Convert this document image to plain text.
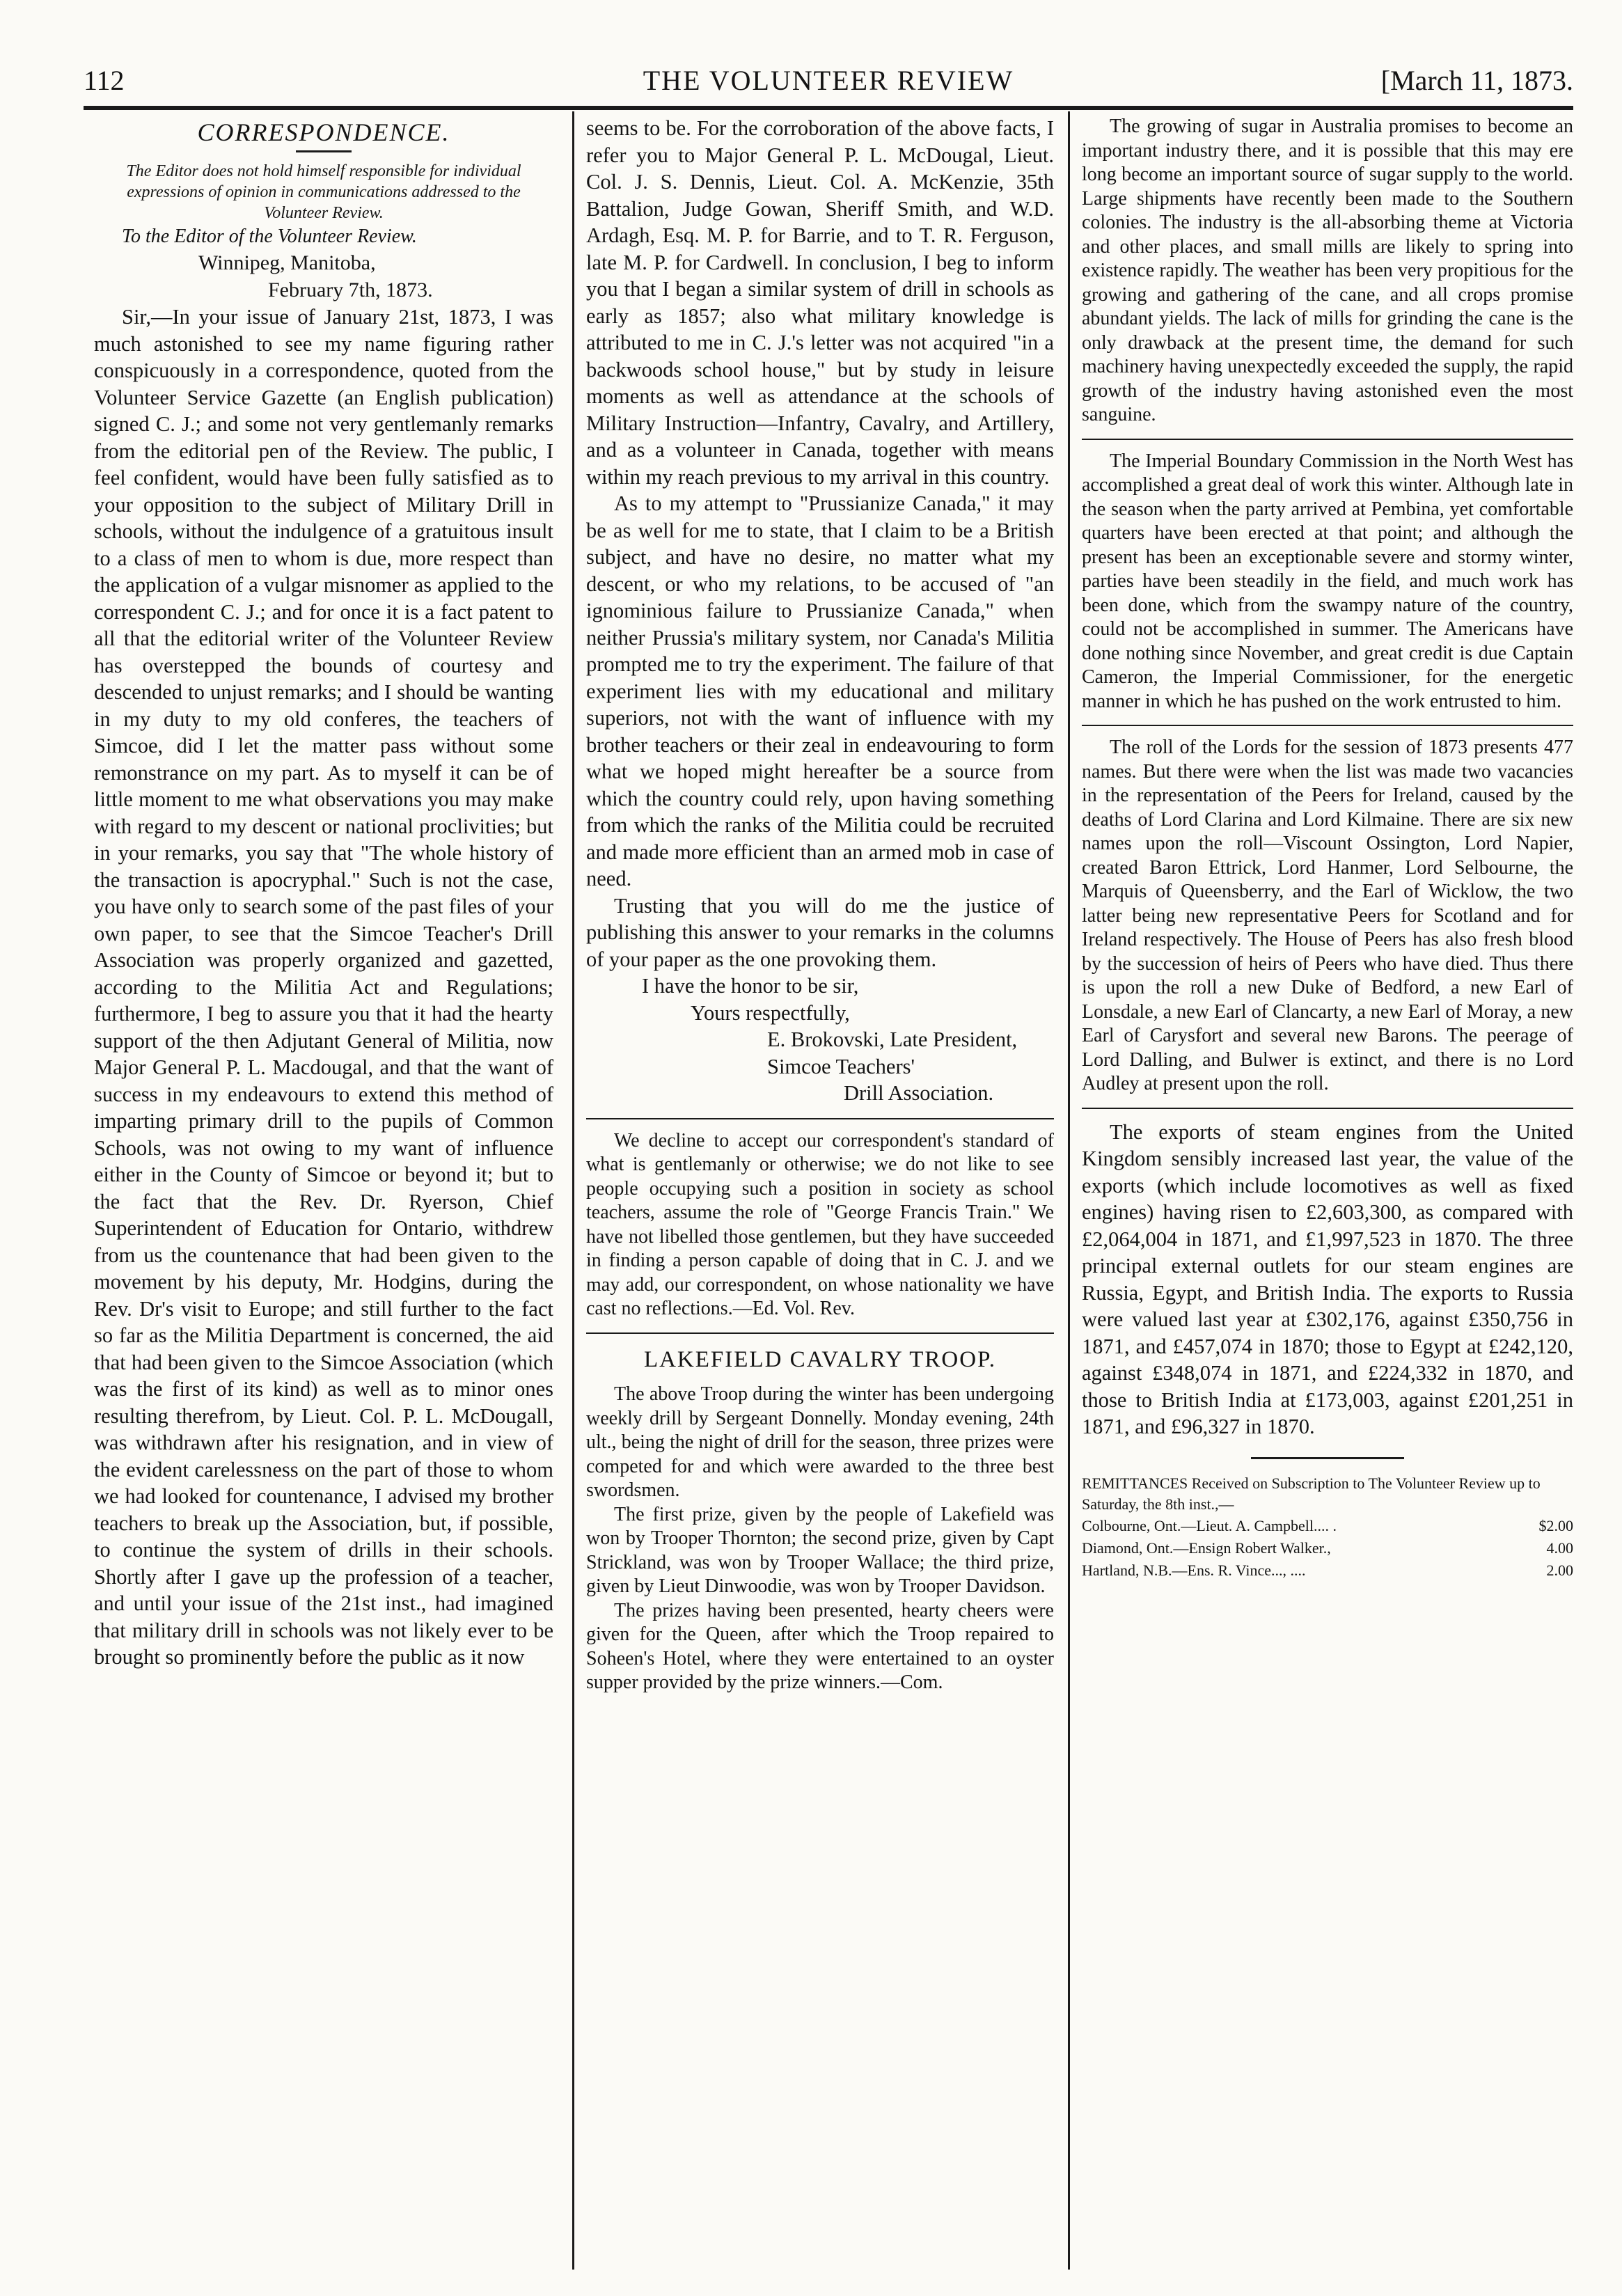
112	THE VOLUNTEER REVIEW	[March 11, 1873.
CORRESPONDENCE.

The Editor does not hold himself responsible for individual expressions of opinion in communications addressed to the Volunteer Review.

To the Editor of the Volunteer Review.

Winnipeg, Manitoba,

February 7th, 1873.

Sir,—In your issue of January 21st, 1873, I was much astonished to see my name figuring rather conspicuously in a correspondence, quoted from the Volunteer Service Gazette (an English publication) signed C. J.; and some not very gentlemanly remarks from the editorial pen of the Review. The public, I feel confident, would have been fully satisfied as to your opposition to the subject of Military Drill in schools, without the indulgence of a gratuitous insult to a class of men to whom is due, more respect than the application of a vulgar misnomer as applied to the correspondent C. J.; and for once it is a fact patent to all that the editorial writer of the Volunteer Review has overstepped the bounds of courtesy and descended to unjust remarks; and I should be wanting in my duty to my old conferes, the teachers of Simcoe, did I let the matter pass without some remonstrance on my part. As to myself it can be of little moment to me what observations you may make with regard to my descent or national proclivities; but in your remarks, you say that "The whole history of the transaction is apocryphal." Such is not the case, you have only to search some of the past files of your own paper, to see that the Simcoe Teacher's Drill Association was properly organized and gazetted, according to the Militia Act and Regulations; furthermore, I beg to assure you that it had the hearty support of the then Adjutant General of Militia, now Major General P. L. Macdougal, and that the want of success in my endeavours to extend this method of imparting primary drill to the pupils of Common Schools, was not owing to my want of influence either in the County of Simcoe or beyond it; but to the fact that the Rev. Dr. Ryerson, Chief Superintendent of Education for Ontario, withdrew from us the countenance that had been given to the movement by his deputy, Mr. Hodgins, during the Rev. Dr's visit to Europe; and still further to the fact so far as the Militia Department is concerned, the aid that had been given to the Simcoe Association (which was the first of its kind) as well as to minor ones resulting therefrom, by Lieut. Col. P. L. McDougall, was withdrawn after his resignation, and in view of the evident carelessness on the part of those to whom we had looked for countenance, I advised my brother teachers to break up the Association, but, if possible, to continue the system of drills in their schools. Shortly after I gave up the profession of a teacher, and until your issue of the 21st inst., had imagined that military drill in schools was not likely ever to be brought so prominently before the public as it now

seems to be. For the corroboration of the above facts, I refer you to Major General P. L. McDougal, Lieut. Col. J. S. Dennis, Lieut. Col. A. McKenzie, 35th Battalion, Judge Gowan, Sheriff Smith, and W.D. Ardagh, Esq. M. P. for Barrie, and to T. R. Ferguson, late M. P. for Cardwell. In conclusion, I beg to inform you that I began a similar system of drill in schools as early as 1857; also what military knowledge is attributed to me in C. J.'s letter was not acquired "in a backwoods school house," but by study in leisure moments as well as attendance at the schools of Military Instruction—Infantry, Cavalry, and Artillery, and as a volunteer in Canada, together with means within my reach previous to my arrival in this country.

As to my attempt to "Prussianize Canada," it may be as well for me to state, that I claim to be a British subject, and have no desire, no matter what my descent, or who my relations, to be accused of "an ignominious failure to Prussianize Canada," when neither Prussia's military system, nor Canada's Militia prompted me to try the experiment. The failure of that experiment lies with my educational and military superiors, not with the want of influence with my brother teachers or their zeal in endeavouring to form what we hoped might hereafter be a source from which the country could rely, upon having something from which the ranks of the Militia could be recruited and made more efficient than an armed mob in case of need.

Trusting that you will do me the justice of publishing this answer to your remarks in the columns of your paper as the one provoking them.

I have the honor to be sir,

Yours respectfully,

E. Brokovski, Late President,

Simcoe Teachers'

Drill Association.

We decline to accept our correspondent's standard of what is gentlemanly or otherwise; we do not like to see people occupying such a position in society as school teachers, assume the role of "George Francis Train." We have not libelled those gentlemen, but they have succeeded in finding a person capable of doing that in C. J. and we may add, our correspondent, on whose nationality we have cast no reflections.—Ed. Vol. Rev.

LAKEFIELD CAVALRY TROOP.

The above Troop during the winter has been undergoing weekly drill by Sergeant Donnelly. Monday evening, 24th ult., being the night of drill for the season, three prizes were competed for and which were awarded to the three best swordsmen.

The first prize, given by the people of Lakefield was won by Trooper Thornton; the second prize, given by Capt Strickland, was won by Trooper Wallace; the third prize, given by Lieut Dinwoodie, was won by Trooper Davidson.

The prizes having been presented, hearty cheers were given for the Queen, after which the Troop repaired to Soheen's Hotel, where they were entertained to an oyster supper provided by the prize winners.—Com.

The growing of sugar in Australia promises to become an important industry there, and it is possible that this may ere long become an important source of sugar supply to the world. Large shipments have recently been made to the Southern colonies. The industry is the all-absorbing theme at Victoria and other places, and small mills are likely to spring into existence rapidly. The weather has been very propitious for the growing and gathering of the cane, and all crops promise abundant yields. The lack of mills for grinding the cane is the only drawback at the present time, the demand for such machinery having unexpectedly exceeded the supply, the rapid growth of the industry having astonished even the most sanguine.

The Imperial Boundary Commission in the North West has accomplished a great deal of work this winter. Although late in the season when the party arrived at Pembina, yet comfortable quarters have been erected at that point; and although the present has been an exceptionable severe and stormy winter, parties have been steadily in the field, and much work has been done, which from the swampy nature of the country, could not be accomplished in summer. The Americans have done nothing since November, and great credit is due Captain Cameron, the Imperial Commissioner, for the energetic manner in which he has pushed on the work entrusted to him.

The roll of the Lords for the session of 1873 presents 477 names. But there were when the list was made two vacancies in the representation of the Peers for Ireland, caused by the deaths of Lord Clarina and Lord Kilmaine. There are six new names upon the roll—Viscount Ossington, Lord Napier, created Baron Ettrick, Lord Hanmer, Lord Selbourne, the Marquis of Queensberry, and the Earl of Wicklow, the two latter being new representative Peers for Scotland and for Ireland respectively. The House of Peers has also fresh blood by the succession of heirs of Peers who have died. Thus there is upon the roll a new Duke of Bedford, a new Earl of Lonsdale, a new Earl of Clancarty, a new Earl of Moray, a new Earl of Carysfort and several new Barons. The peerage of Lord Dalling, and Bulwer is extinct, and there is no Lord Audley at present upon the roll.

The exports of steam engines from the United Kingdom sensibly increased last year, the value of the exports (which include locomotives as well as fixed engines) having risen to £2,603,300, as compared with £2,064,004 in 1871, and £1,997,523 in 1870. The three principal external outlets for our steam engines are Russia, Egypt, and British India. The exports to Russia were valued last year at £302,176, against £350,756 in 1871, and £457,074 in 1870; those to Egypt at £242,120, against £348,074 in 1871, and £224,332 in 1870, and those to British India at £173,003, against £201,251 in 1871, and £96,327 in 1870.

REMITTANCES Received on Subscription to The Volunteer Review up to Saturday, the 8th inst.,—

Colbourne, Ont.—Lieut. A. Campbell.... .	$2.00
Diamond, Ont.—Ensign Robert Walker.,	4.00
Hartland, N.B.—Ens. R. Vince..., ....	2.00
